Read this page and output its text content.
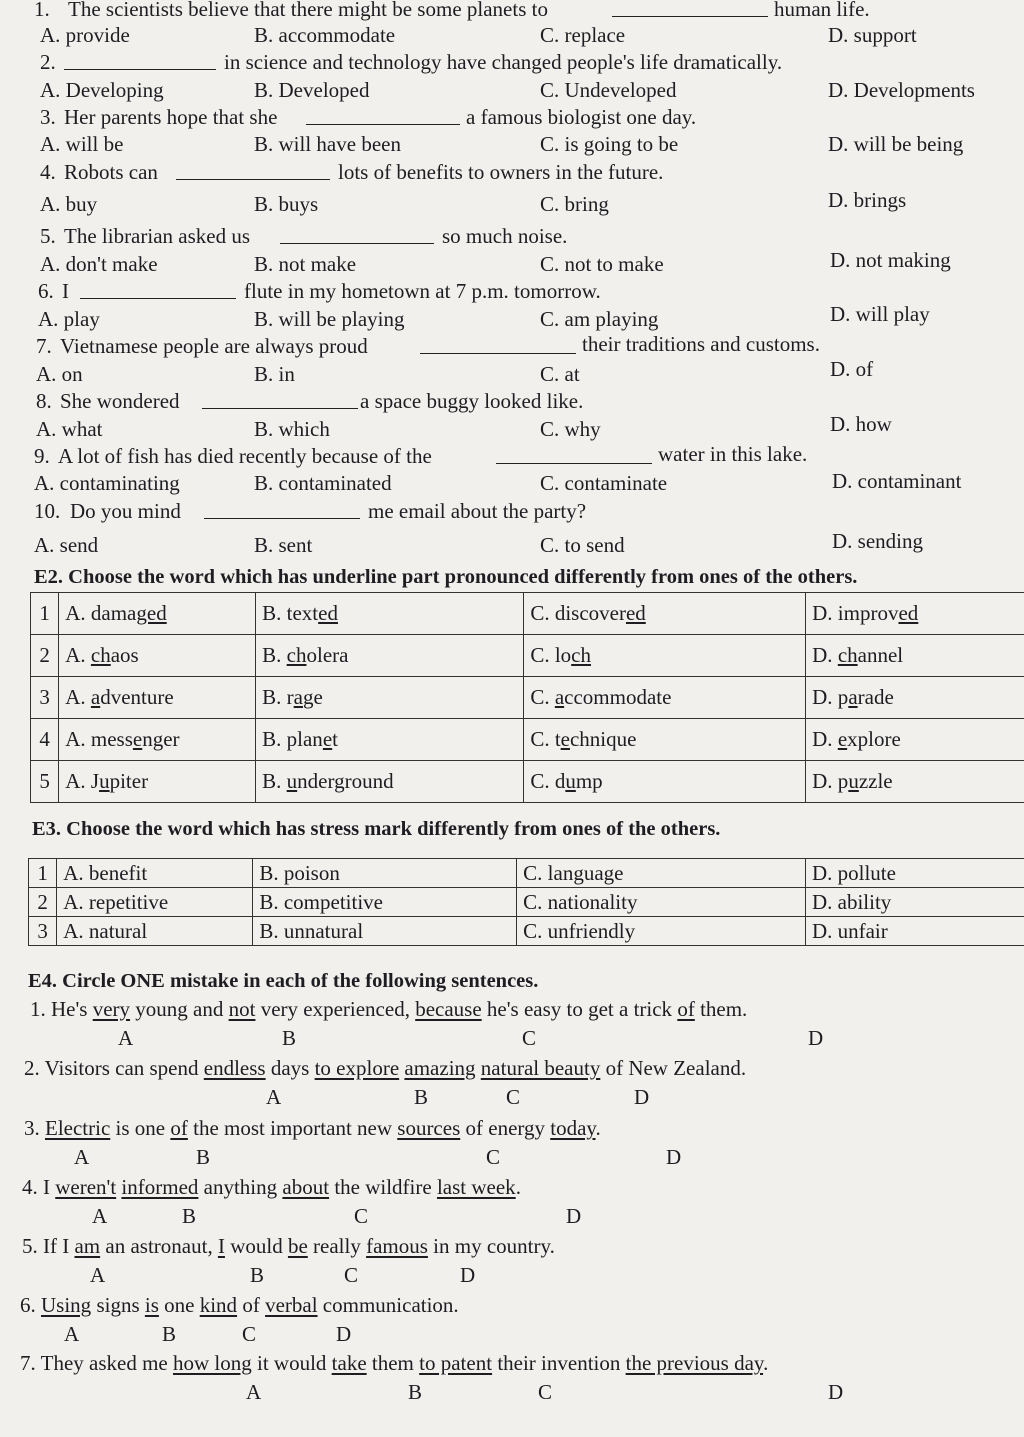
1. The scientists believe that there might be some planets to	human life.
A. provide	B. accommodate	C. replace	D. support
2.	in science and technology have changed people's life dramatically.
A. Developing	B. Developed	C. Undeveloped	D. Developments
3. Her parents hope that she	a famous biologist one day.
A. will be	B. will have been	C. is going to be	D. will be being
4. Robots can	lots of benefits to owners in the future.
A. buy	B. buys	C. bring	D. brings
5. The librarian asked us	so much noise.
A. don't make	B. not make	C. not to make	D. not making
6. I	flute in my hometown at 7 p.m. tomorrow.
A. play	B. will be playing	C. am playing	D. will play
7. Vietnamese people are always proud	their traditions and customs.
A. on	B. in	C. at	D. of
8. She wondered	a space buggy looked like.
A. what	B. which	C. why	D. how
9. A lot of fish has died recently because of the	water in this lake.
A. contaminating	B. contaminated	C. contaminate	D. contaminant
10. Do you mind	me email about the party?
A. send	B. sent	C. to send	D. sending
E2. Choose the word which has underline part pronounced differently from ones of the others.
1	A. damaged	B. texted	C. discovered	D. improved
2	A. chaos	B. cholera	C. loch	D. channel
3	A. adventure	B. rage	C. accommodate	D. parade
4	A. messenger	B. planet	C. technique	D. explore
5	A. Jupiter	B. underground	C. dump	D. puzzle
E3. Choose the word which has stress mark differently from ones of the others.
1	A. benefit	B. poison	C. language	D. pollute
2	A. repetitive	B. competitive	C. nationality	D. ability
3	A. natural	B. unnatural	C. unfriendly	D. unfair
E4. Circle ONE mistake in each of the following sentences.
1. He's very young and not very experienced, because he's easy to get a trick of them.
A	B	C	D
2. Visitors can spend endless days to explore amazing natural beauty of New Zealand.
A	B	C	D
3. Electric is one of the most important new sources of energy today.
A	B	C	D
4. I weren't informed anything about the wildfire last week.
A	B	C	D
5. If I am an astronaut, I would be really famous in my country.
A	B	C	D
6. Using signs is one kind of verbal communication.
A	B	C	D
7. They asked me how long it would take them to patent their invention the previous day.
A	B	C	D
